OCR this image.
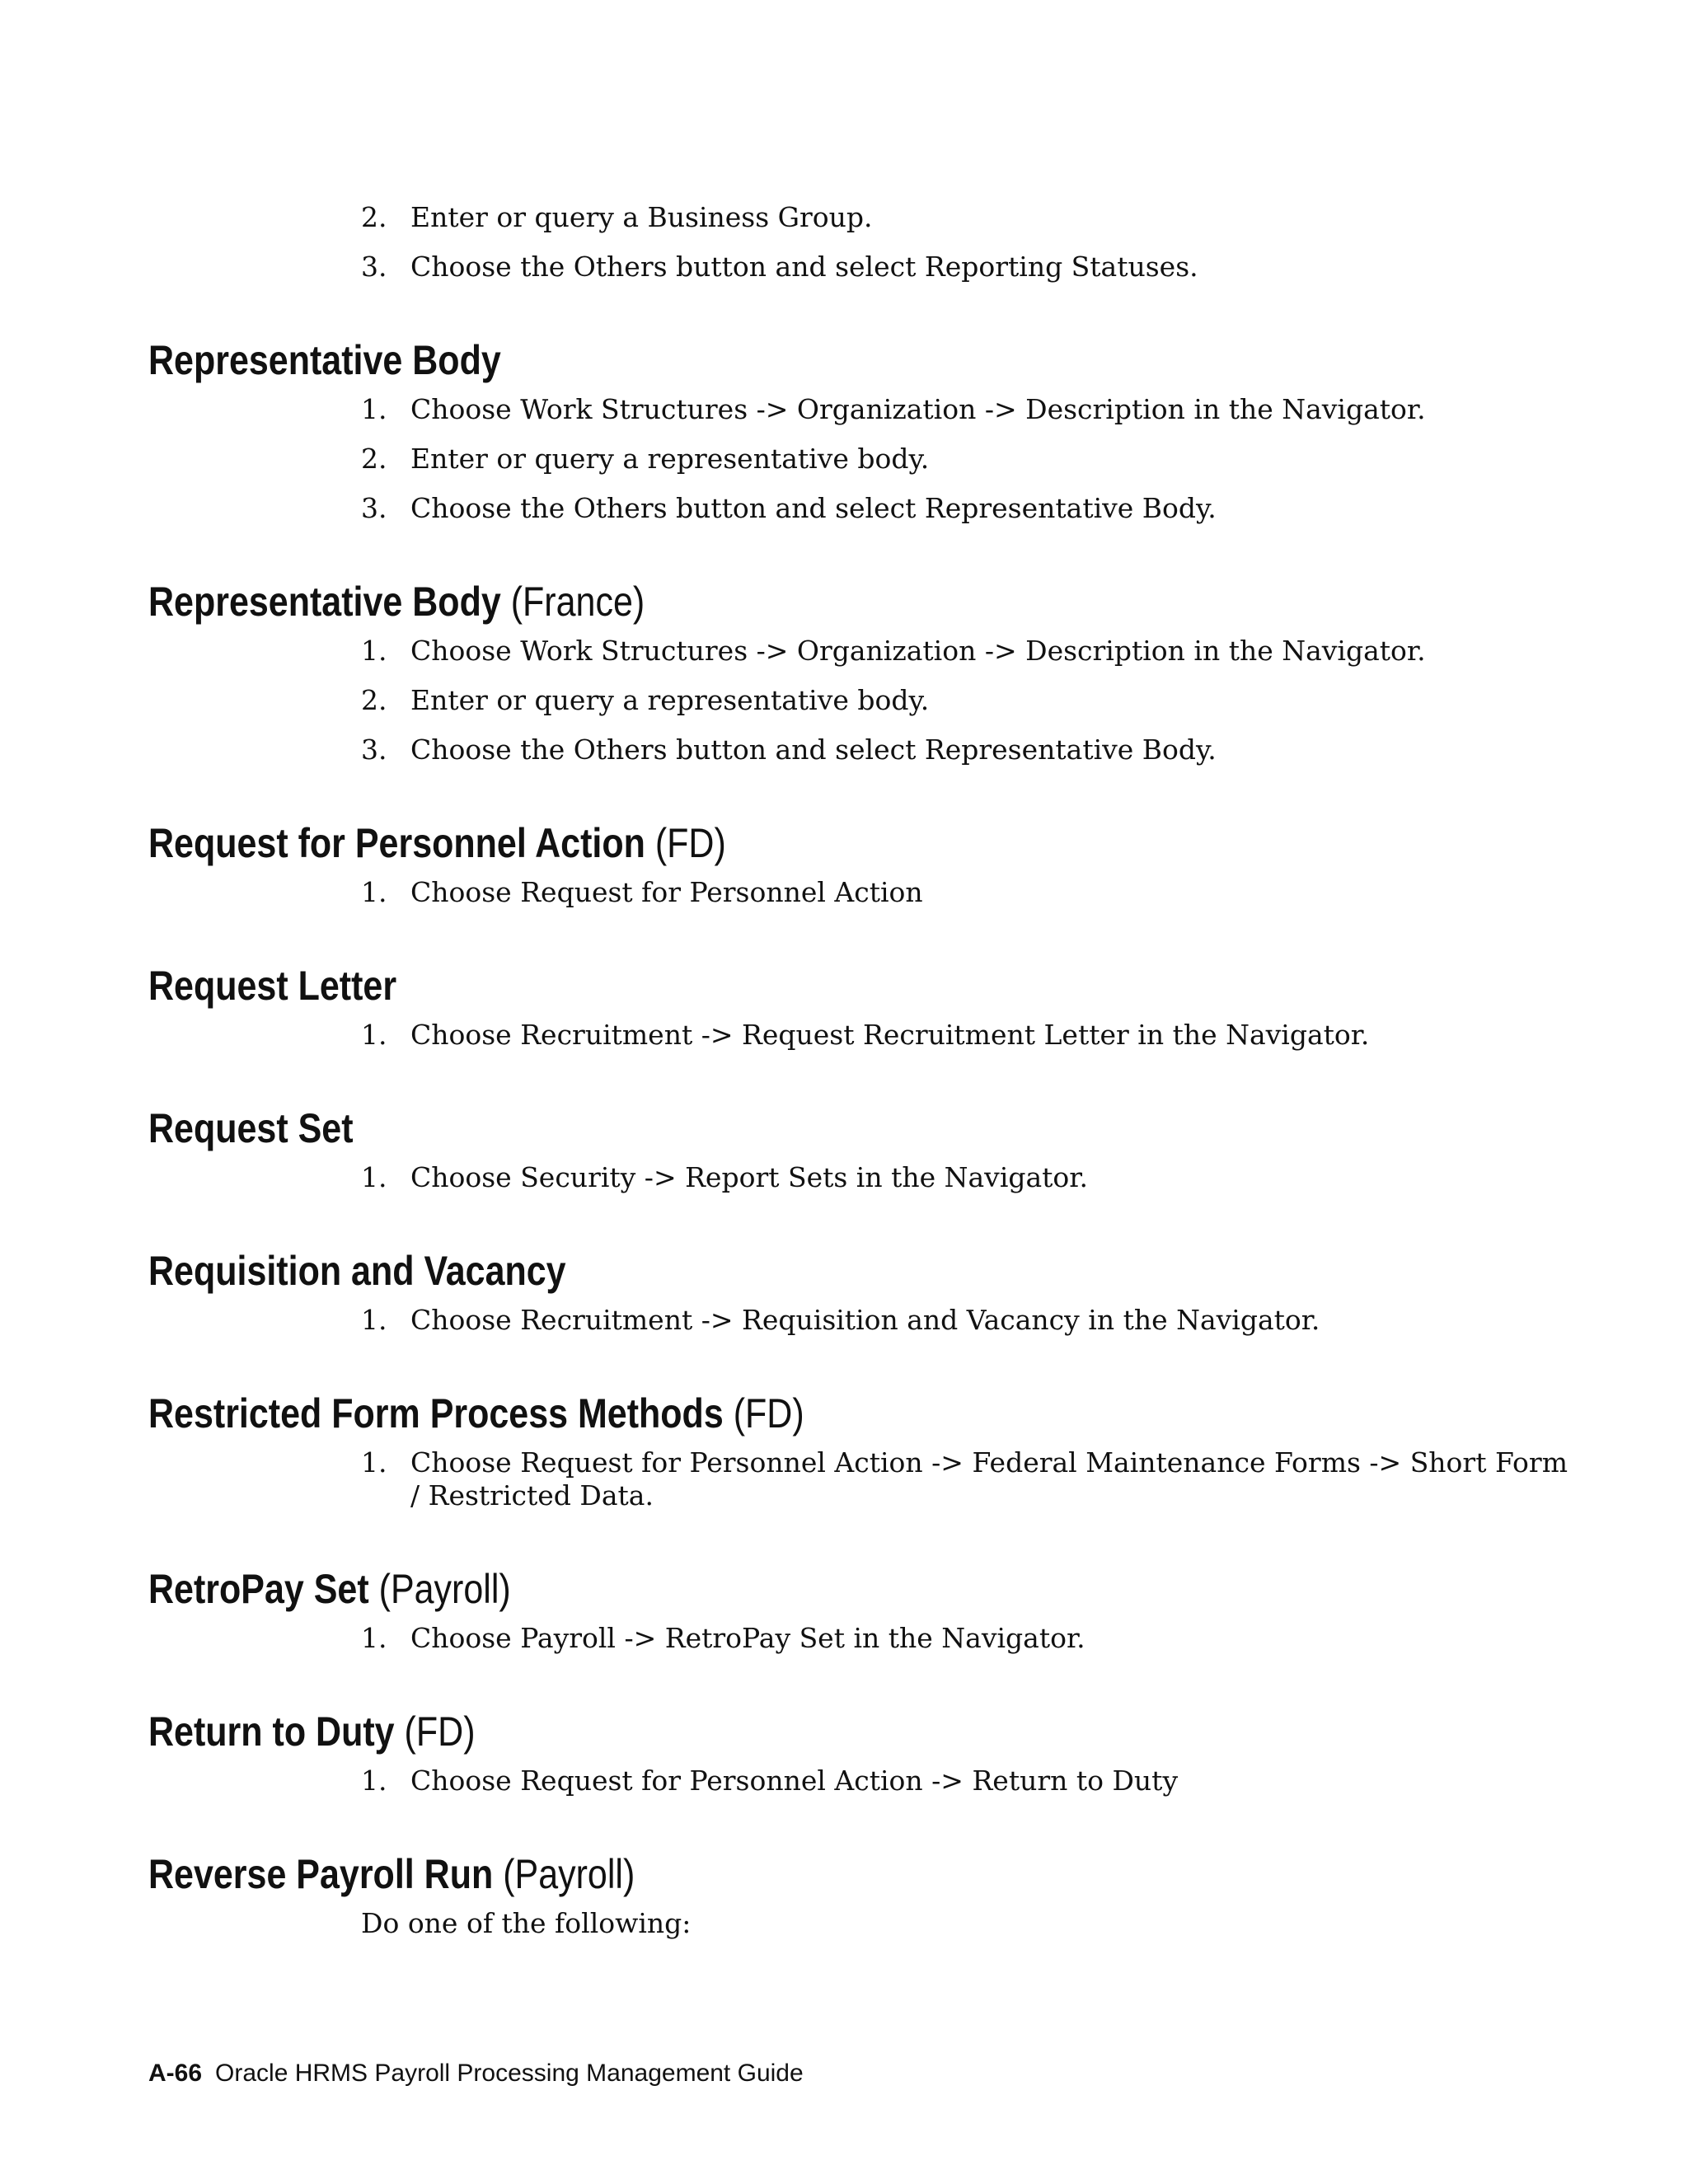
2. Enter or query a Business Group.

3. Choose the Others button and select Reporting Statuses.

Representative Body

1. Choose Work Structures -> Organization -> Description in the Navigator.

2. Enter or query a representative body.

3. Choose the Others button and select Representative Body.

Representative Body (France)

1. Choose Work Structures -> Organization -> Description in the Navigator.

2. Enter or query a representative body.

3. Choose the Others button and select Representative Body.

Request for Personnel Action (FD)

1. Choose Request for Personnel Action

Request Letter

1. Choose Recruitment -> Request Recruitment Letter in the Navigator.

Request Set

1. Choose Security -> Report Sets in the Navigator.

Requisition and Vacancy

1. Choose Recruitment -> Requisition and Vacancy in the Navigator.

Restricted Form Process Methods (FD)

1. Choose Request for Personnel Action -> Federal Maintenance Forms -> Short Form
/ Restricted Data.

RetroPay Set (Payroll)

1. Choose Payroll -> RetroPay Set in the Navigator.

Return to Duty (FD)

1. Choose Request for Personnel Action -> Return to Duty

Reverse Payroll Run (Payroll)

Do one of the following:

A-66 Oracle HRMS Payroll Processing Management Guide
